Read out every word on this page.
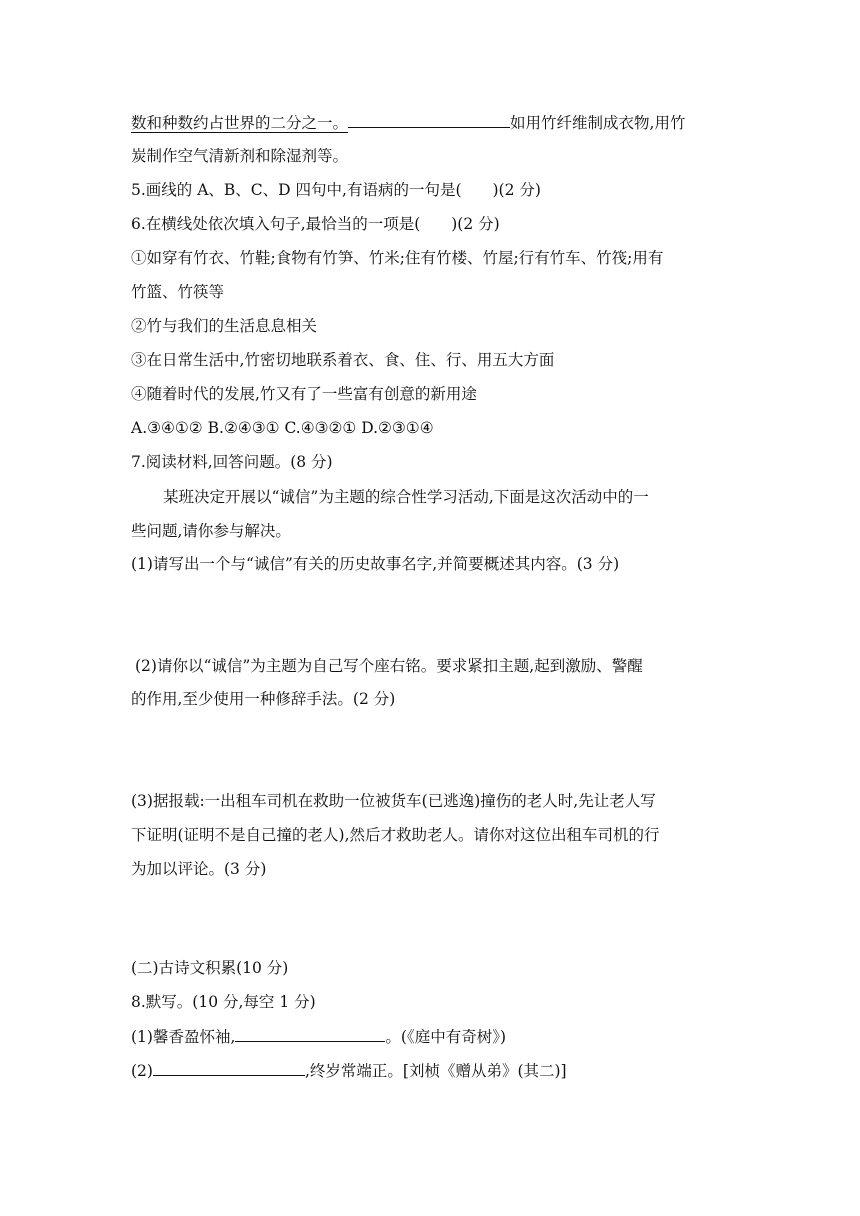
数和种数约占世界的二分之一。	如用竹纤维制成衣物,用竹
炭制作空气清新剂和除湿剂等。
5.画线的 A、B、C、D 四句中,有语病的一句是(　　)(2 分)
6.在横线处依次填入句子,最恰当的一项是(　　)(2 分)
①如穿有竹衣、竹鞋;食物有竹笋、竹米;住有竹楼、竹屋;行有竹车、竹筏;用有
竹篮、竹筷等
②竹与我们的生活息息相关
③在日常生活中,竹密切地联系着衣、食、住、行、用五大方面
④随着时代的发展,竹又有了一些富有创意的新用途
A.③④①② B.②④③① C.④③②① D.②③①④
7.阅读材料,回答问题。(8 分)
某班决定开展以“诚信”为主题的综合性学习活动,下面是这次活动中的一
些问题,请你参与解决。
(1)请写出一个与“诚信”有关的历史故事名字,并简要概述其内容。(3 分)
(2)请你以“诚信”为主题为自己写个座右铭。要求紧扣主题,起到激励、警醒
的作用,至少使用一种修辞手法。(2 分)
(3)据报载:一出租车司机在救助一位被货车(已逃逸)撞伤的老人时,先让老人写
下证明(证明不是自己撞的老人),然后才救助老人。请你对这位出租车司机的行
为加以评论。(3 分)
(二)古诗文积累(10 分)
8.默写。(10 分,每空 1 分)
(1)馨香盈怀袖,	。(《庭中有奇树》)
(2)	,终岁常端正。[刘桢《赠从弟》(其二)]
